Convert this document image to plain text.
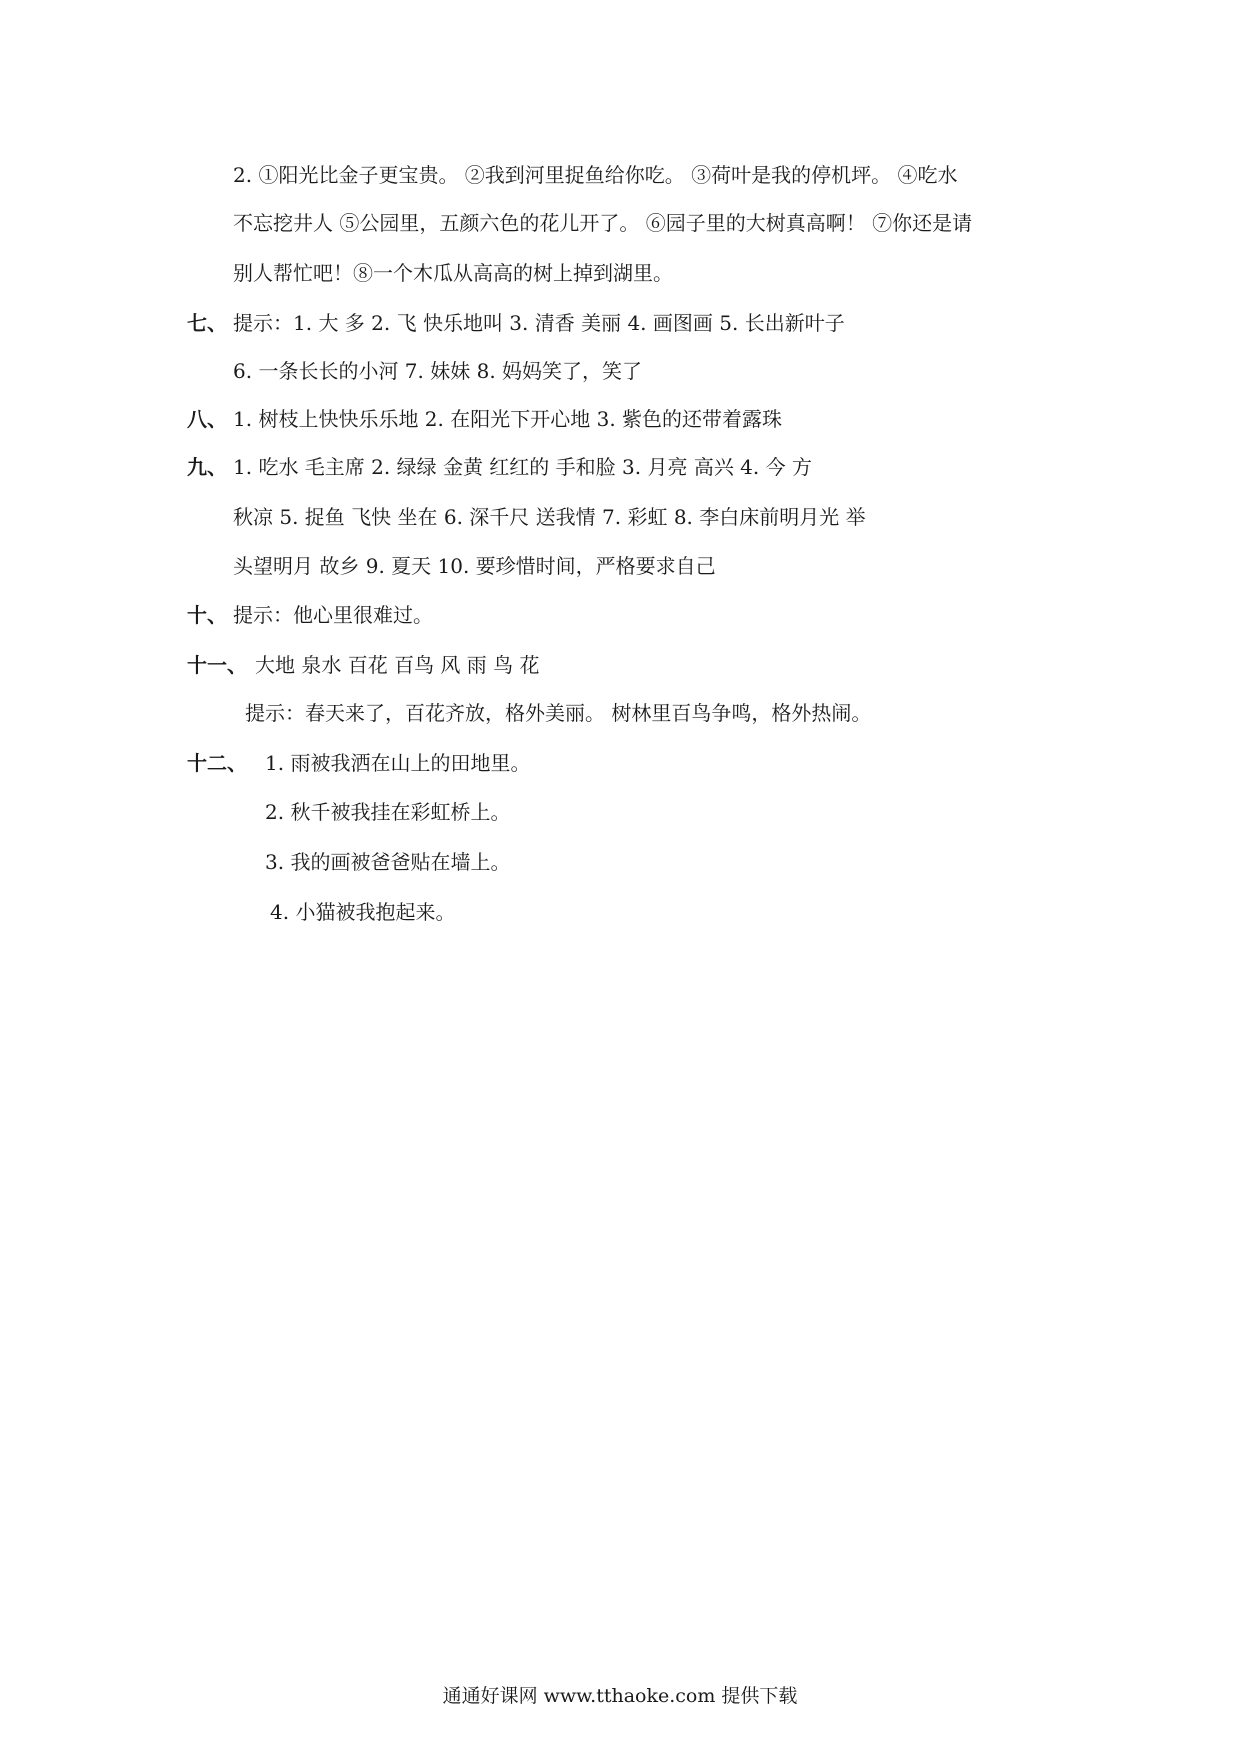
2. ①阳光比金子更宝贵。 ②我到河里捉鱼给你吃。 ③荷叶是我的停机坪。 ④吃水
不忘挖井人 ⑤公园里，五颜六色的花儿开了。 ⑥园子里的大树真高啊！ ⑦你还是请
别人帮忙吧！⑧一个木瓜从高高的树上掉到湖里。
七、 提示：1. 大 多 2. 飞 快乐地叫 3. 清香 美丽 4. 画图画 5. 长出新叶子
6. 一条长长的小河 7. 妹妹 8. 妈妈笑了，笑了
八、 1. 树枝上快快乐乐地 2. 在阳光下开心地 3. 紫色的还带着露珠
九、 1. 吃水 毛主席 2. 绿绿 金黄 红红的 手和脸 3. 月亮 高兴 4. 今 方
秋凉 5. 捉鱼 飞快 坐在 6. 深千尺 送我情 7. 彩虹 8. 李白床前明月光 举
头望明月 故乡 9. 夏天 10. 要珍惜时间，严格要求自己
十、 提示：他心里很难过。
十一、 大地 泉水 百花 百鸟 风 雨 鸟 花
提示：春天来了，百花齐放，格外美丽。 树林里百鸟争鸣，格外热闹。
十二、 1. 雨被我洒在山上的田地里。
2. 秋千被我挂在彩虹桥上。
3. 我的画被爸爸贴在墙上。
4. 小猫被我抱起来。
通通好课网 www.tthaoke.com 提供下载
